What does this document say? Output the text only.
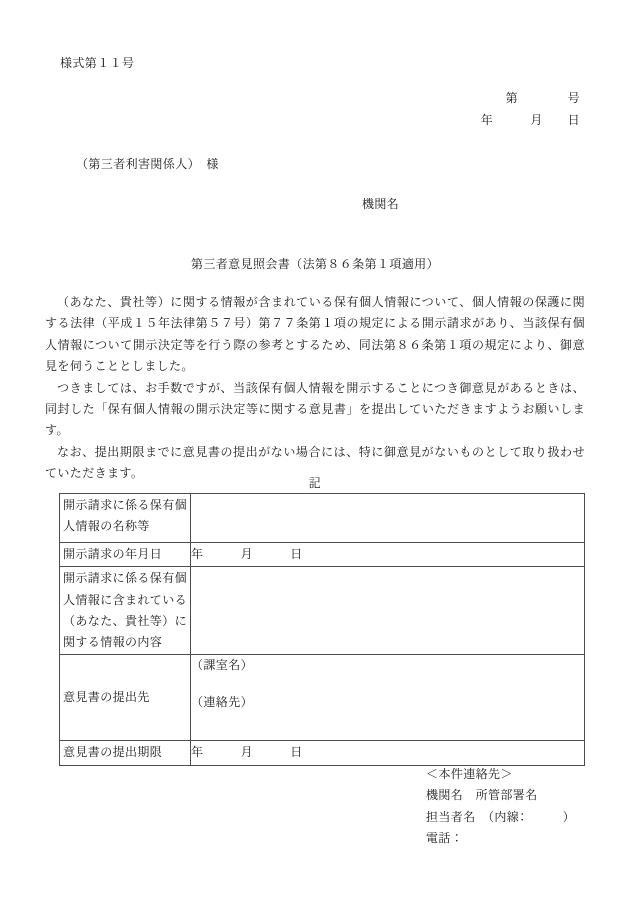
様式第１１号
第　　　　号
年　　　月　　日
（第三者利害関係人）　様
機関名
第三者意見照会書（法第８６条第１項適用）

（あなた、貴社等）に関する情報が含まれている保有個人情報について、個人情報の保護に関する法律（平成１５年法律第５７号）第７７条第１項の規定による開示請求があり、当該保有個人情報について開示決定等を行う際の参考とするため、同法第８６条第１項の規定により、御意見を伺うこととしました。

つきましては、お手数ですが、当該保有個人情報を開示することにつき御意見があるときは、同封した「保有個人情報の開示決定等に関する意見書」を提出していただきますようお願いします。

なお、提出期限までに意見書の提出がない場合には、特に御意見がないものとして取り扱わせていただきます。

記
開示請求に係る保有個人情報の名称等	
開示請求の年月日	年　　　月　　　日
開示請求に係る保有個人情報に含まれている（あなた、貴社等）に関する情報の内容	
意見書の提出先	（課室名）
（連絡先）

意見書の提出期限	年　　　月　　　日
＜本件連絡先＞
機関名　所管部署名
担当者名　（内線：　　　）
電話：
